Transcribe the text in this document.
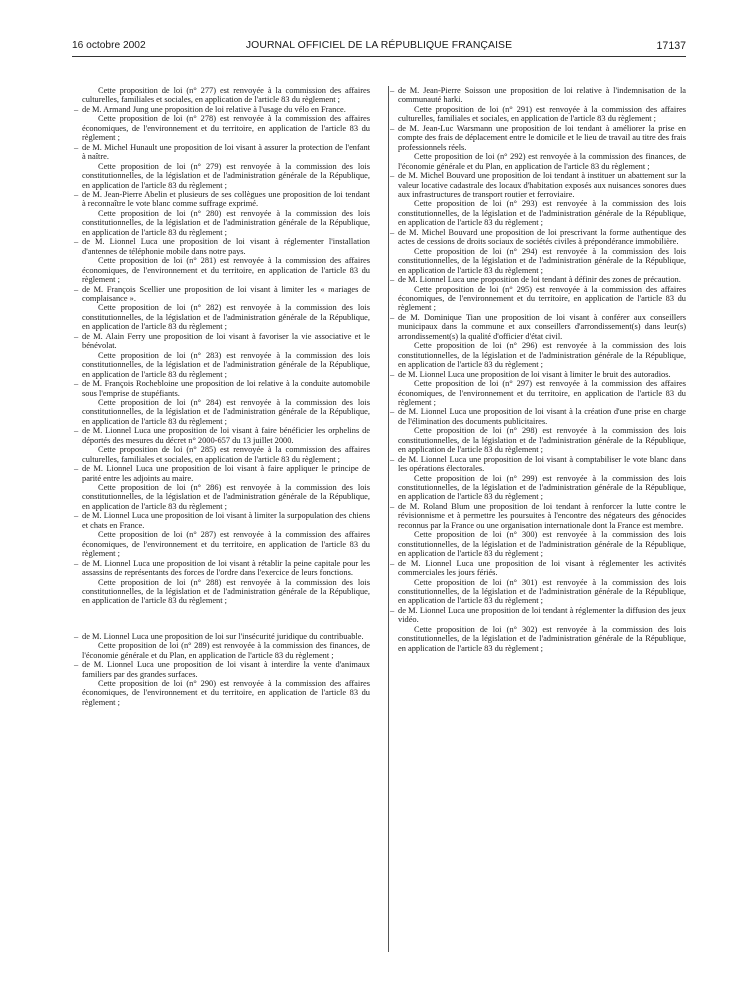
16 octobre 2002	JOURNAL OFFICIEL DE LA RÉPUBLIQUE FRANÇAISE	17137

Cette proposition de loi (n° 277) est renvoyée à la commission des affaires culturelles, familiales et sociales, en application de l'article 83 du règlement ;

– de M. Armand Jung une proposition de loi relative à l'usage du vélo en France.

Cette proposition de loi (n° 278) est renvoyée à la commission des affaires économiques, de l'environnement et du territoire, en application de l'article 83 du règlement ;

– de M. Michel Hunault une proposition de loi visant à assurer la protection de l'enfant à naître.

Cette proposition de loi (n° 279) est renvoyée à la commission des lois constitutionnelles, de la législation et de l'administration générale de la République, en application de l'article 83 du règlement ;

– de M. Jean-Pierre Abelin et plusieurs de ses collègues une proposition de loi tendant à reconnaître le vote blanc comme suffrage exprimé.

Cette proposition de loi (n° 280) est renvoyée à la commission des lois constitutionnelles, de la législation et de l'administration générale de la République, en application de l'article 83 du règlement ;

– de M. Lionnel Luca une proposition de loi visant à réglementer l'installation d'antennes de téléphonie mobile dans notre pays.

Cette proposition de loi (n° 281) est renvoyée à la commission des affaires économiques, de l'environnement et du territoire, en application de l'article 83 du règlement ;

– de M. François Scellier une proposition de loi visant à limiter les « mariages de complaisance ».

Cette proposition de loi (n° 282) est renvoyée à la commission des lois constitutionnelles, de la législation et de l'administration générale de la République, en application de l'article 83 du règlement ;

– de M. Alain Ferry une proposition de loi visant à favoriser la vie associative et le bénévolat.

Cette proposition de loi (n° 283) est renvoyée à la commission des lois constitutionnelles, de la législation et de l'administration générale de la République, en application de l'article 83 du règlement ;

– de M. François Rochebloine une proposition de loi relative à la conduite automobile sous l'emprise de stupéfiants.

Cette proposition de loi (n° 284) est renvoyée à la commission des lois constitutionnelles, de la législation et de l'administration générale de la République, en application de l'article 83 du règlement ;

– de M. Lionnel Luca une proposition de loi visant à faire bénéficier les orphelins de déportés des mesures du décret n° 2000-657 du 13 juillet 2000.

Cette proposition de loi (n° 285) est renvoyée à la commission des affaires culturelles, familiales et sociales, en application de l'article 83 du règlement ;

– de M. Lionnel Luca une proposition de loi visant à faire appliquer le principe de parité entre les adjoints au maire.

Cette proposition de loi (n° 286) est renvoyée à la commission des lois constitutionnelles, de la législation et de l'administration générale de la République, en application de l'article 83 du règlement ;

– de M. Lionnel Luca une proposition de loi visant à limiter la surpopulation des chiens et chats en France.

Cette proposition de loi (n° 287) est renvoyée à la commission des affaires économiques, de l'environnement et du territoire, en application de l'article 83 du règlement ;

– de M. Lionnel Luca une proposition de loi visant à rétablir la peine capitale pour les assassins de représentants des forces de l'ordre dans l'exercice de leurs fonctions.

Cette proposition de loi (n° 288) est renvoyée à la commission des lois constitutionnelles, de la législation et de l'administration générale de la République, en application de l'article 83 du règlement ;

– de M. Lionnel Luca une proposition de loi sur l'insécurité juridique du contribuable.

Cette proposition de loi (n° 289) est renvoyée à la commission des finances, de l'économie générale et du Plan, en application de l'article 83 du règlement ;

– de M. Lionnel Luca une proposition de loi visant à interdire la vente d'animaux familiers par des grandes surfaces.

Cette proposition de loi (n° 290) est renvoyée à la commission des affaires économiques, de l'environnement et du territoire, en application de l'article 83 du règlement ;

– de M. Jean-Pierre Soisson une proposition de loi relative à l'indemnisation de la communauté harki.

Cette proposition de loi (n° 291) est renvoyée à la commission des affaires culturelles, familiales et sociales, en application de l'article 83 du règlement ;

– de M. Jean-Luc Warsmann une proposition de loi tendant à améliorer la prise en compte des frais de déplacement entre le domicile et le lieu de travail au titre des frais professionnels réels.

Cette proposition de loi (n° 292) est renvoyée à la commission des finances, de l'économie générale et du Plan, en application de l'article 83 du règlement ;

– de M. Michel Bouvard une proposition de loi tendant à instituer un abattement sur la valeur locative cadastrale des locaux d'habitation exposés aux nuisances sonores dues aux infrastructures de transport routier et ferroviaire.

Cette proposition de loi (n° 293) est renvoyée à la commission des lois constitutionnelles, de la législation et de l'administration générale de la République, en application de l'article 83 du règlement ;

– de M. Michel Bouvard une proposition de loi prescrivant la forme authentique des actes de cessions de droits sociaux de sociétés civiles à prépondérance immobilière.

Cette proposition de loi (n° 294) est renvoyée à la commission des lois constitutionnelles, de la législation et de l'administration générale de la République, en application de l'article 83 du règlement ;

– de M. Lionnel Luca une proposition de loi tendant à définir des zones de précaution.

Cette proposition de loi (n° 295) est renvoyée à la commission des affaires économiques, de l'environnement et du territoire, en application de l'article 83 du règlement ;

– de M. Dominique Tian une proposition de loi visant à conférer aux conseillers municipaux dans la commune et aux conseillers d'arrondissement(s) dans leur(s) arrondissement(s) la qualité d'officier d'état civil.

Cette proposition de loi (n° 296) est renvoyée à la commission des lois constitutionnelles, de la législation et de l'administration générale de la République, en application de l'article 83 du règlement ;

– de M. Lionnel Luca une proposition de loi visant à limiter le bruit des autoradios.

Cette proposition de loi (n° 297) est renvoyée à la commission des affaires économiques, de l'environnement et du territoire, en application de l'article 83 du règlement ;

– de M. Lionnel Luca une proposition de loi visant à la création d'une prise en charge de l'élimination des documents publicitaires.

Cette proposition de loi (n° 298) est renvoyée à la commission des lois constitutionnelles, de la législation et de l'administration générale de la République, en application de l'article 83 du règlement ;

– de M. Lionnel Luca une proposition de loi visant à comptabiliser le vote blanc dans les opérations électorales.

Cette proposition de loi (n° 299) est renvoyée à la commission des lois constitutionnelles, de la législation et de l'administration générale de la République, en application de l'article 83 du règlement ;

– de M. Roland Blum une proposition de loi tendant à renforcer la lutte contre le révisionnisme et à permettre les poursuites à l'encontre des négateurs des génocides reconnus par la France ou une organisation internationale dont la France est membre.

Cette proposition de loi (n° 300) est renvoyée à la commission des lois constitutionnelles, de la législation et de l'administration générale de la République, en application de l'article 83 du règlement ;

– de M. Lionnel Luca une proposition de loi visant à réglementer les activités commerciales les jours fériés.

Cette proposition de loi (n° 301) est renvoyée à la commission des lois constitutionnelles, de la législation et de l'administration générale de la République, en application de l'article 83 du règlement ;

– de M. Lionnel Luca une proposition de loi tendant à réglementer la diffusion des jeux vidéo.

Cette proposition de loi (n° 302) est renvoyée à la commission des lois constitutionnelles, de la législation et de l'administration générale de la République, en application de l'article 83 du règlement ;
